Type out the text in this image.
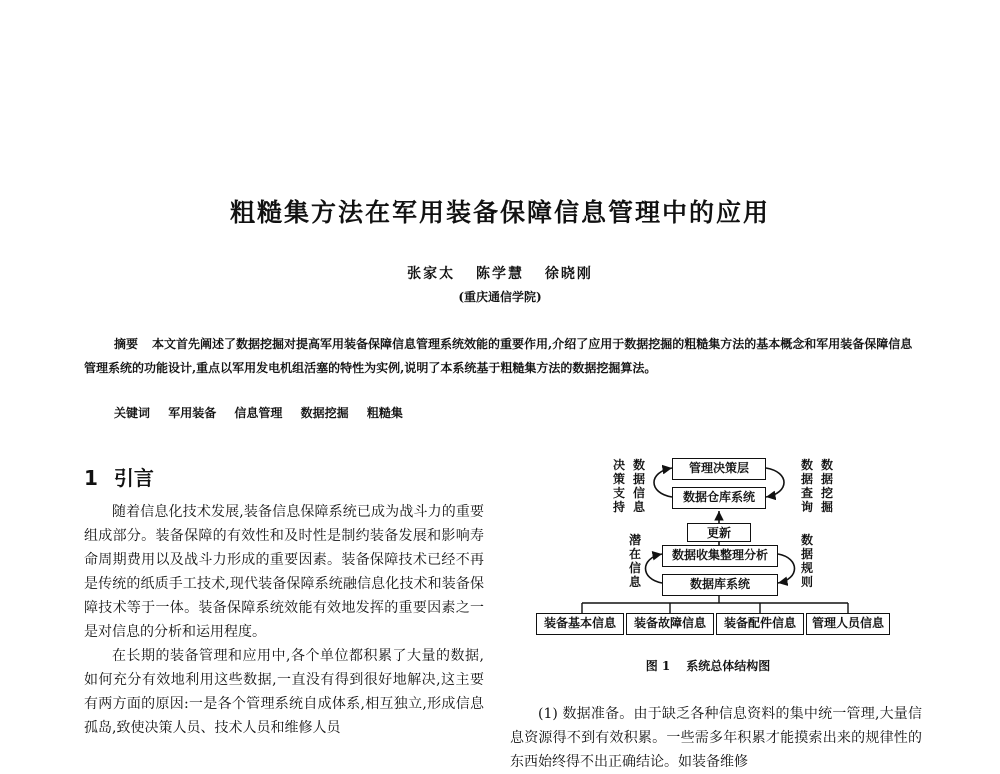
粗糙集方法在军用装备保障信息管理中的应用
张家太 陈学慧 徐晓刚
(重庆通信学院)

摘要 本文首先阐述了数据挖掘对提高军用装备保障信息管理系统效能的重要作用,介绍了应用于数据挖掘的粗糙集方法的基本概念和军用装备保障信息管理系统的功能设计,重点以军用发电机组活塞的特性为实例,说明了本系统基于粗糙集方法的数据挖掘算法。

关键词 军用装备 信息管理 数据挖掘 粗糙集
1 引言

随着信息化技术发展,装备信息保障系统已成为战斗力的重要组成部分。装备保障的有效性和及时性是制约装备发展和影响寿命周期费用以及战斗力形成的重要因素。装备保障技术已经不再是传统的纸质手工技术,现代装备保障系统融信息化技术和装备保障技术等于一体。装备保障系统效能有效地发挥的重要因素之一是对信息的分析和运用程度。

在长期的装备管理和应用中,各个单位都积累了大量的数据,如何充分有效地利用这些数据,一直没有得到很好地解决,这主要有两方面的原因:一是各个管理系统自成体系,相互独立,形成信息孤岛,致使决策人员、技术人员和维修人员

管理决策层
数据仓库系统
更新
数据收集整理分析
数据库系统
装备基本信息	装备故障信息	装备配件信息	管理人员信息
决策支持
数据信息
数据查询
数据挖掘
潜在信息
数据规则
图 1 系统总体结构图

(1) 数据准备。由于缺乏各种信息资料的集中统一管理,大量信息资源得不到有效积累。一些需多年积累才能摸索出来的规律性的东西始终得不出正确结论。如装备维修
